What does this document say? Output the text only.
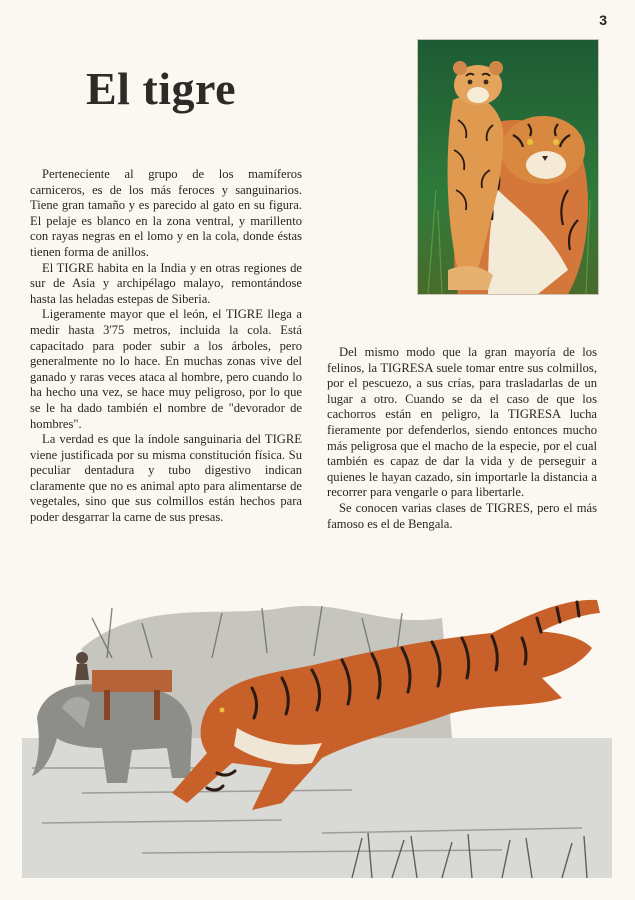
3
El tigre

Perteneciente al grupo de los mamíferos carniceros, es de los más feroces y sanguinarios. Tiene gran tamaño y es parecido al gato en su figura. El pelaje es blanco en la zona ventral, y marillento con rayas negras en el lomo y en la cola, donde éstas tienen forma de anillos.

El TIGRE habita en la India y en otras regiones de sur de Asia y archipélago malayo, remontándose hasta las heladas estepas de Siberia.

Ligeramente mayor que el león, el TIGRE llega a medir hasta 3'75 metros, incluida la cola. Está capacitado para poder subir a los árboles, pero generalmente no lo hace. En muchas zonas vive del ganado y raras veces ataca al hombre, pero cuando lo ha hecho una vez, se hace muy peligroso, por lo que se le ha dado también el nombre de "devorador de hombres".

La verdad es que la índole sanguinaria del TIGRE viene justificada por su misma constitución física. Su peculiar dentadura y tubo digestivo indican claramente que no es animal apto para alimentarse de vegetales, sino que sus colmillos están hechos para poder desgarrar la carne de sus presas.

Del mismo modo que la gran mayoría de los felinos, la TIGRESA suele tomar entre sus colmillos, por el pescuezo, a sus crías, para trasladarlas de un lugar a otro. Cuando se da el caso de que los cachorros están en peligro, la TIGRESA lucha fieramente por defenderlos, siendo entonces mucho más peligrosa que el macho de la especie, por el cual también es capaz de dar la vida y de perseguir a quienes le hayan cazado, sin importarle la distancia a recorrer para vengarle o para libertarle.

Se conocen varias clases de TIGRES, pero el más famoso es el de Bengala.
